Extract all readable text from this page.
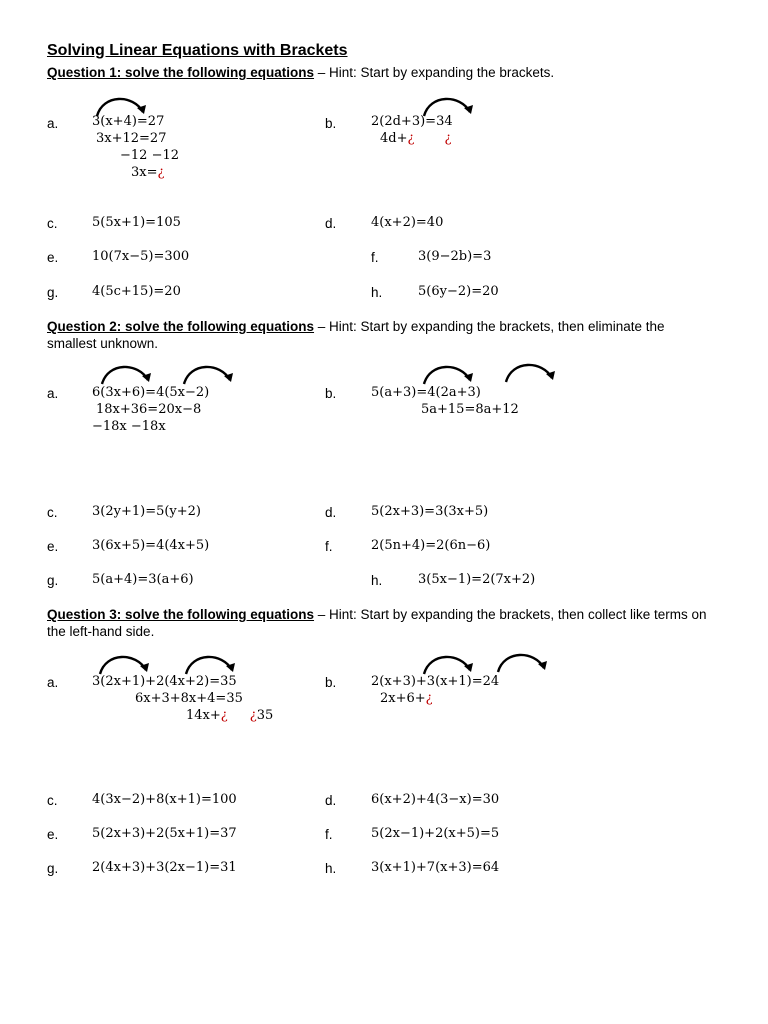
Solving Linear Equations with Brackets
Question 1: solve the following equations – Hint: Start by expanding the brackets.
a.	3(x+4)=27
3x+12=27
−12 −12
3x=¿
b.	2(2d+3)=34
4d+¿ ¿
c.	5(5x+1)=105	d.	4(x+2)=40
e.	10(7x−5)=300	f.	3(9−2b)=3
g.	4(5c+15)=20	h.	5(6y−2)=20
Question 2: solve the following equations – Hint: Start by expanding the brackets, then eliminate the smallest unknown.
a.	6(3x+6)=4(5x−2)
18x+36=20x−8
−18x −18x
b.	5(a+3)=4(2a+3)
5a+15=8a+12
c.	3(2y+1)=5(y+2)	d.	5(2x+3)=3(3x+5)
e.	3(6x+5)=4(4x+5)	f.	2(5n+4)=2(6n−6)
g.	5(a+4)=3(a+6)	h.	3(5x−1)=2(7x+2)
Question 3: solve the following equations – Hint: Start by expanding the brackets, then collect like terms on the left-hand side.
a.	3(2x+1)+2(4x+2)=35
6x+3+8x+4=35
14x+¿ ¿35
b.	2(x+3)+3(x+1)=24
2x+6+¿
c.	4(3x−2)+8(x+1)=100	d.	6(x+2)+4(3−x)=30
e.	5(2x+3)+2(5x+1)=37	f.	5(2x−1)+2(x+5)=5
g.	2(4x+3)+3(2x−1)=31	h.	3(x+1)+7(x+3)=64
